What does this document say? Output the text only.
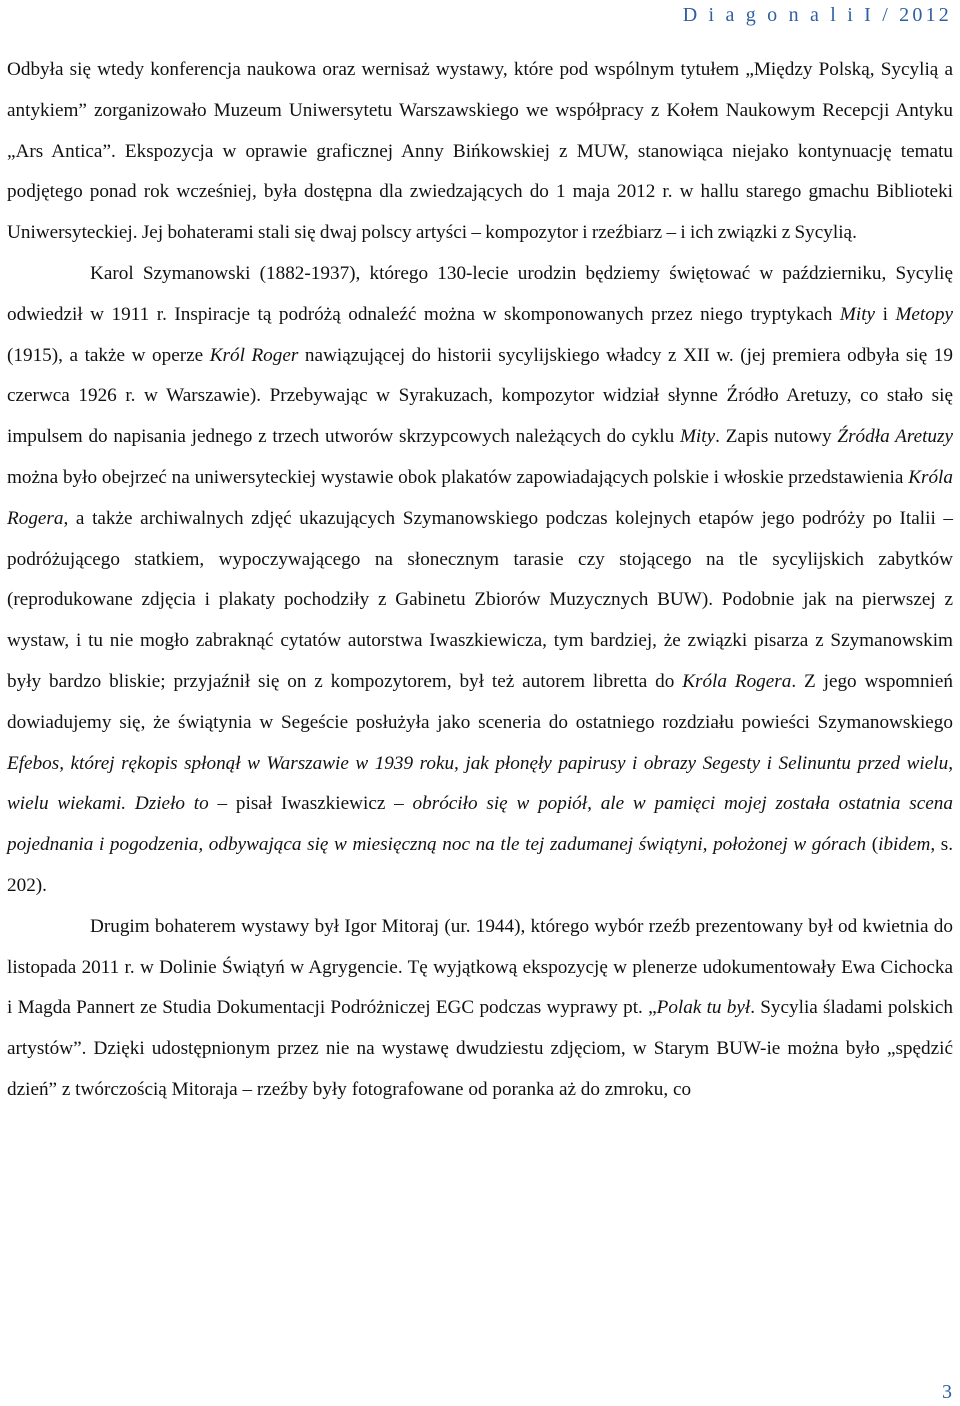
D i a g o n a l i I / 2012

Odbyła się wtedy konferencja naukowa oraz wernisaż wystawy, które pod wspólnym tytułem „Między Polską, Sycylią a antykiem” zorganizowało Muzeum Uniwersytetu Warszawskiego we współpracy z Kołem Naukowym Recepcji Antyku „Ars Antica”. Ekspozycja w oprawie graficznej Anny Bińkowskiej z MUW, stanowiąca niejako kontynuację tematu podjętego ponad rok wcześniej, była dostępna dla zwiedzających do 1 maja 2012 r. w hallu starego gmachu Biblioteki Uniwersyteckiej. Jej bohaterami stali się dwaj polscy artyści – kompozytor i rzeźbiarz – i ich związki z Sycylią.

Karol Szymanowski (1882-1937), którego 130-lecie urodzin będziemy świętować w październiku, Sycylię odwiedził w 1911 r. Inspiracje tą podróżą odnaleźć można w skomponowanych przez niego tryptykach Mity i Metopy (1915), a także w operze Król Roger nawiązującej do historii sycylijskiego władcy z XII w. (jej premiera odbyła się 19 czerwca 1926 r. w Warszawie). Przebywając w Syrakuzach, kompozytor widział słynne Źródło Aretuzy, co stało się impulsem do napisania jednego z trzech utworów skrzypcowych należących do cyklu Mity. Zapis nutowy Źródła Aretuzy można było obejrzeć na uniwersyteckiej wystawie obok plakatów zapowiadających polskie i włoskie przedstawienia Króla Rogera, a także archiwalnych zdjęć ukazujących Szymanowskiego podczas kolejnych etapów jego podróży po Italii – podróżującego statkiem, wypoczywającego na słonecznym tarasie czy stojącego na tle sycylijskich zabytków (reprodukowane zdjęcia i plakaty pochodziły z Gabinetu Zbiorów Muzycznych BUW). Podobnie jak na pierwszej z wystaw, i tu nie mogło zabraknąć cytatów autorstwa Iwaszkiewicza, tym bardziej, że związki pisarza z Szymanowskim były bardzo bliskie; przyjaźnił się on z kompozytorem, był też autorem libretta do Króla Rogera. Z jego wspomnień dowiadujemy się, że świątynia w Segeście posłużyła jako sceneria do ostatniego rozdziału powieści Szymanowskiego Efebos, której rękopis spłonął w Warszawie w 1939 roku, jak płonęły papirusy i obrazy Segesty i Selinuntu przed wielu, wielu wiekami. Dzieło to – pisał Iwaszkiewicz – obróciło się w popiół, ale w pamięci mojej została ostatnia scena pojednania i pogodzenia, odbywająca się w miesięczną noc na tle tej zadumanej świątyni, położonej w górach (ibidem, s. 202).

Drugim bohaterem wystawy był Igor Mitoraj (ur. 1944), którego wybór rzeźb prezentowany był od kwietnia do listopada 2011 r. w Dolinie Świątyń w Agrygencie. Tę wyjątkową ekspozycję w plenerze udokumentowały Ewa Cichocka i Magda Pannert ze Studia Dokumentacji Podróżniczej EGC podczas wyprawy pt. „Polak tu był. Sycylia śladami polskich artystów”. Dzięki udostępnionym przez nie na wystawę dwudziestu zdjęciom, w Starym BUW-ie można było „spędzić dzień” z twórczością Mitoraja – rzeźby były fotografowane od poranka aż do zmroku, co

3
